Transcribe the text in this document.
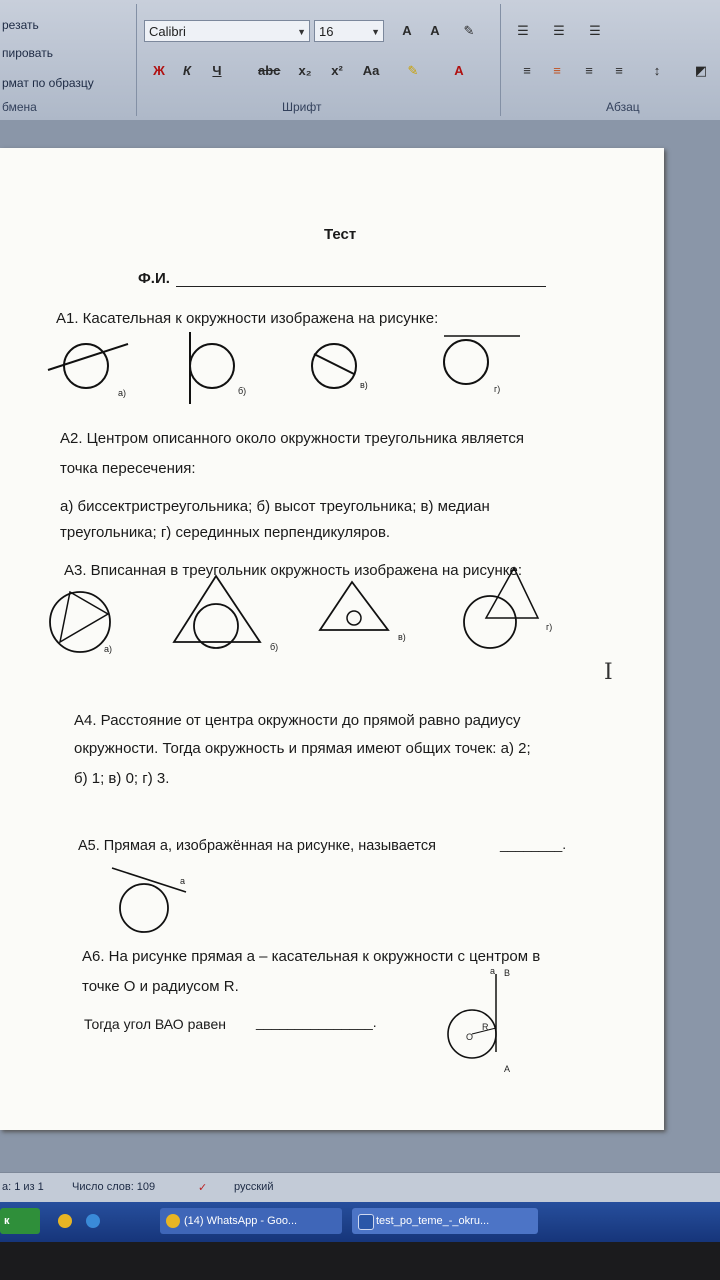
резать
пировать
рмат по образцу
бмена
Calibri	▼	16	▼	A	A	✎
Ж	К	Ч	abc	x₂	x²	Aa	✎	A
Шрифт
☰	☰	☰
≡	≡	≡	≡	↕	◩
Абзац
Тест
Ф.И.
А1. Касательная к окружности изображена на рисунке:
а)	б)
в)	г)
А2. Центром описанного около окружности треугольника является
точка пересечения:
а) биссектристреугольника; б) высот треугольника; в) медиан
треугольника; г) серединных перпендикуляров.
А3. Вписанная в треугольник окружность изображена на рисунке:
а)	б)
в)
г)
А4. Расстояние от центра окружности до прямой равно радиусу
окружности. Тогда окружность и прямая имеют общих точек: а) 2;
б) 1; в) 0; г) 3.
А5. Прямая а, изображённая на рисунке, называется	________.
a
А6. На рисунке прямая а – касательная к окружности с центром в
точке О и радиусом R.
Тогда угол ВАО равен _______________.
a B
R
O
A
I
а: 1 из 1	Число слов: 109	✓ русский
к	(14) WhatsApp - Goo...	test_po_teme_-_okru...
